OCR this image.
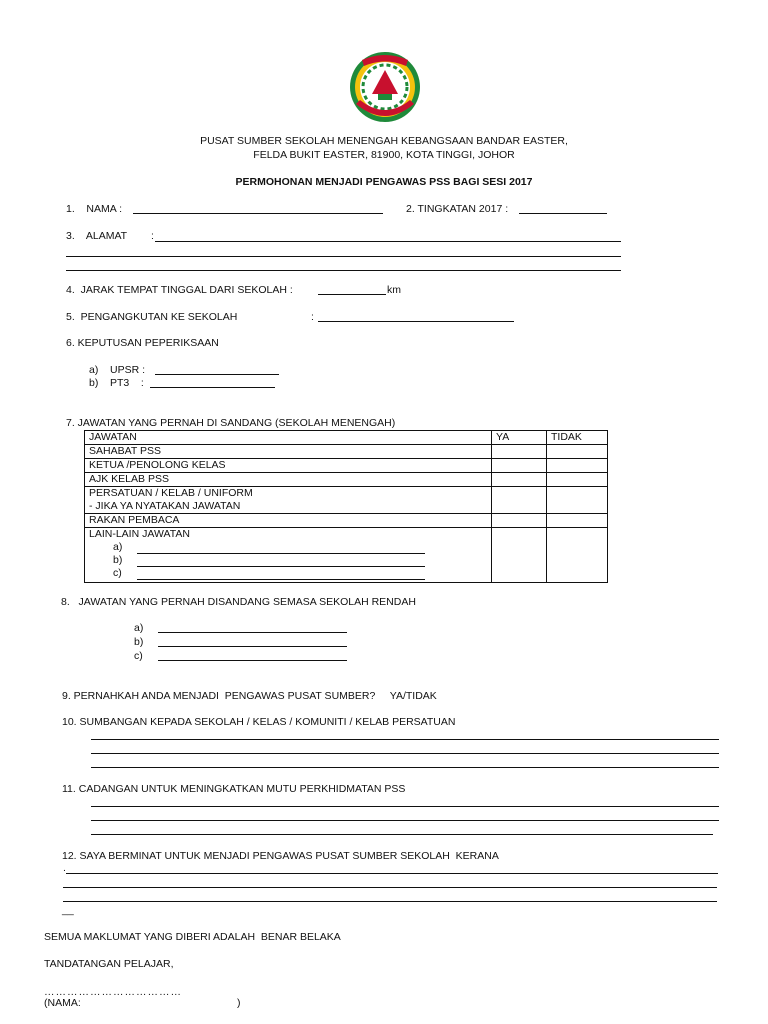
PUSAT SUMBER SEKOLAH MENENGAH KEBANGSAAN BANDAR EASTER,
FELDA BUKIT EASTER, 81900, KOTA TINGGI, JOHOR
PERMOHONAN MENJADI PENGAWAS PSS BAGI SESI 2017
1.    NAMA :	2. TINGKATAN 2017 :
3.    ALAMAT :
4.  JARAK TEMPAT TINGGAL DARI SEKOLAH :	km
5.  PENGANGKUTAN KE SEKOLAH	:
6. KEPUTUSAN PEPERIKSAAN
a)    UPSR :
b)    PT3    :
7. JAWATAN YANG PERNAH DI SANDANG (SEKOLAH MENENGAH)
JAWATAN	YA	TIDAK
SAHABAT PSS		
KETUA /PENOLONG KELAS		
AJK KELAB PSS		

PERSATUAN / KELAB / UNIFORM
- JIKA YA NYATAKAN JAWATAN		

RAKAN PEMBACA		

LAIN-LAIN JAWATAN
a)
b)
c)		

8.   JAWATAN YANG PERNAH DISANDANG SEMASA SEKOLAH RENDAH
a)
b)
c)
9. PERNAHKAH ANDA MENJADI  PENGAWAS PUSAT SUMBER?     YA/TIDAK
10. SUMBANGAN KEPADA SEKOLAH / KELAS / KOMUNITI / KELAB PERSATUAN
11. CADANGAN UNTUK MENINGKATKAN MUTU PERKHIDMATAN PSS
12. SAYA BERMINAT UNTUK MENJADI PENGAWAS PUSAT SUMBER SEKOLAH  KERANA
.
__
SEMUA MAKLUMAT YANG DIBERI ADALAH  BENAR BELAKA
TANDATANGAN PELAJAR,
………………………………
(NAMA:	)
